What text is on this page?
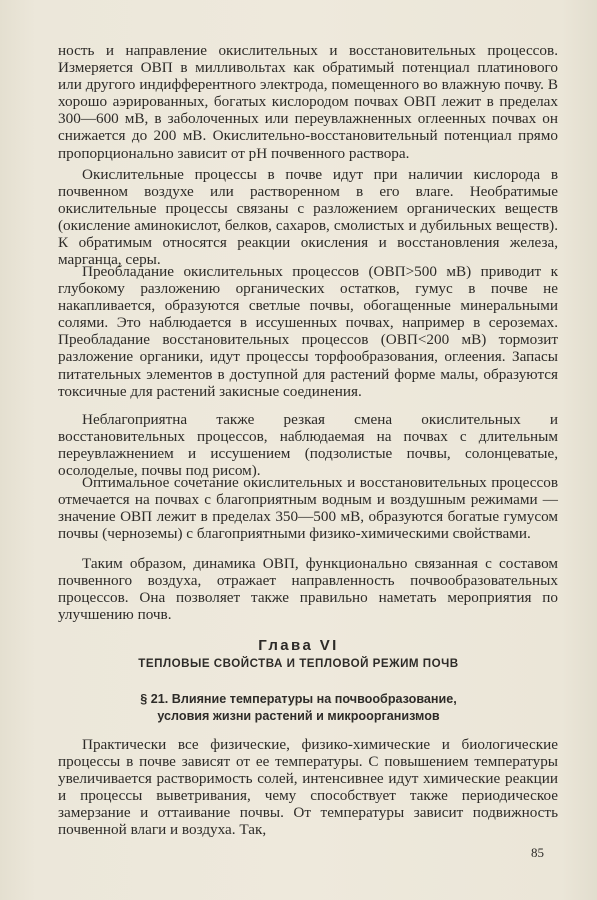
ность и направление окислительных и восстановительных процессов. Измеряется ОВП в милливольтах как обратимый потенциал платинового или другого индифферентного электрода, помещенного во влажную почву. В хорошо аэрированных, богатых кислородом почвах ОВП лежит в пределах 300—600 мВ, в заболоченных или переувлажненных оглеенных почвах он снижается до 200 мВ. Окислительно-восстановительный потенциал прямо пропорционально зависит от pH почвенного раствора.

Окислительные процессы в почве идут при наличии кислорода в почвенном воздухе или растворенном в его влаге. Необратимые окислительные процессы связаны с разложением органических веществ (окисление аминокислот, белков, сахаров, смолистых и дубильных веществ). К обратимым относятся реакции окисления и восстановления железа, марганца, серы.

Преобладание окислительных процессов (ОВП>500 мВ) приводит к глубокому разложению органических остатков, гумус в почве не накапливается, образуются светлые почвы, обогащенные минеральными солями. Это наблюдается в иссушенных почвах, например в сероземах. Преобладание восстановительных процессов (ОВП<200 мВ) тормозит разложение органики, идут процессы торфообразования, оглеения. Запасы питательных элементов в доступной для растений форме малы, образуются токсичные для растений закисные соединения.

Неблагоприятна также резкая смена окислительных и восстановительных процессов, наблюдаемая на почвах с длительным переувлажнением и иссушением (подзолистые почвы, солонцеватые, осолоделые, почвы под рисом).

Оптимальное сочетание окислительных и восстановительных процессов отмечается на почвах с благоприятным водным и воздушным режимами — значение ОВП лежит в пределах 350—500 мВ, образуются богатые гумусом почвы (черноземы) с благоприятными физико-химическими свойствами.

Таким образом, динамика ОВП, функционально связанная с составом почвенного воздуха, отражает направленность почвообразовательных процессов. Она позволяет также правильно наметать мероприятия по улучшению почв.

Глава VI
ТЕПЛОВЫЕ СВОЙСТВА И ТЕПЛОВОЙ РЕЖИМ ПОЧВ
§ 21. Влияние температуры на почвообразование,
условия жизни растений и микроорганизмов

Практически все физические, физико-химические и биологические процессы в почве зависят от ее температуры. С повышением температуры увеличивается растворимость солей, интенсивнее идут химические реакции и процессы выветривания, чему способствует также периодическое замерзание и оттаивание почвы. От температуры зависит подвижность почвенной влаги и воздуха. Так,

85
